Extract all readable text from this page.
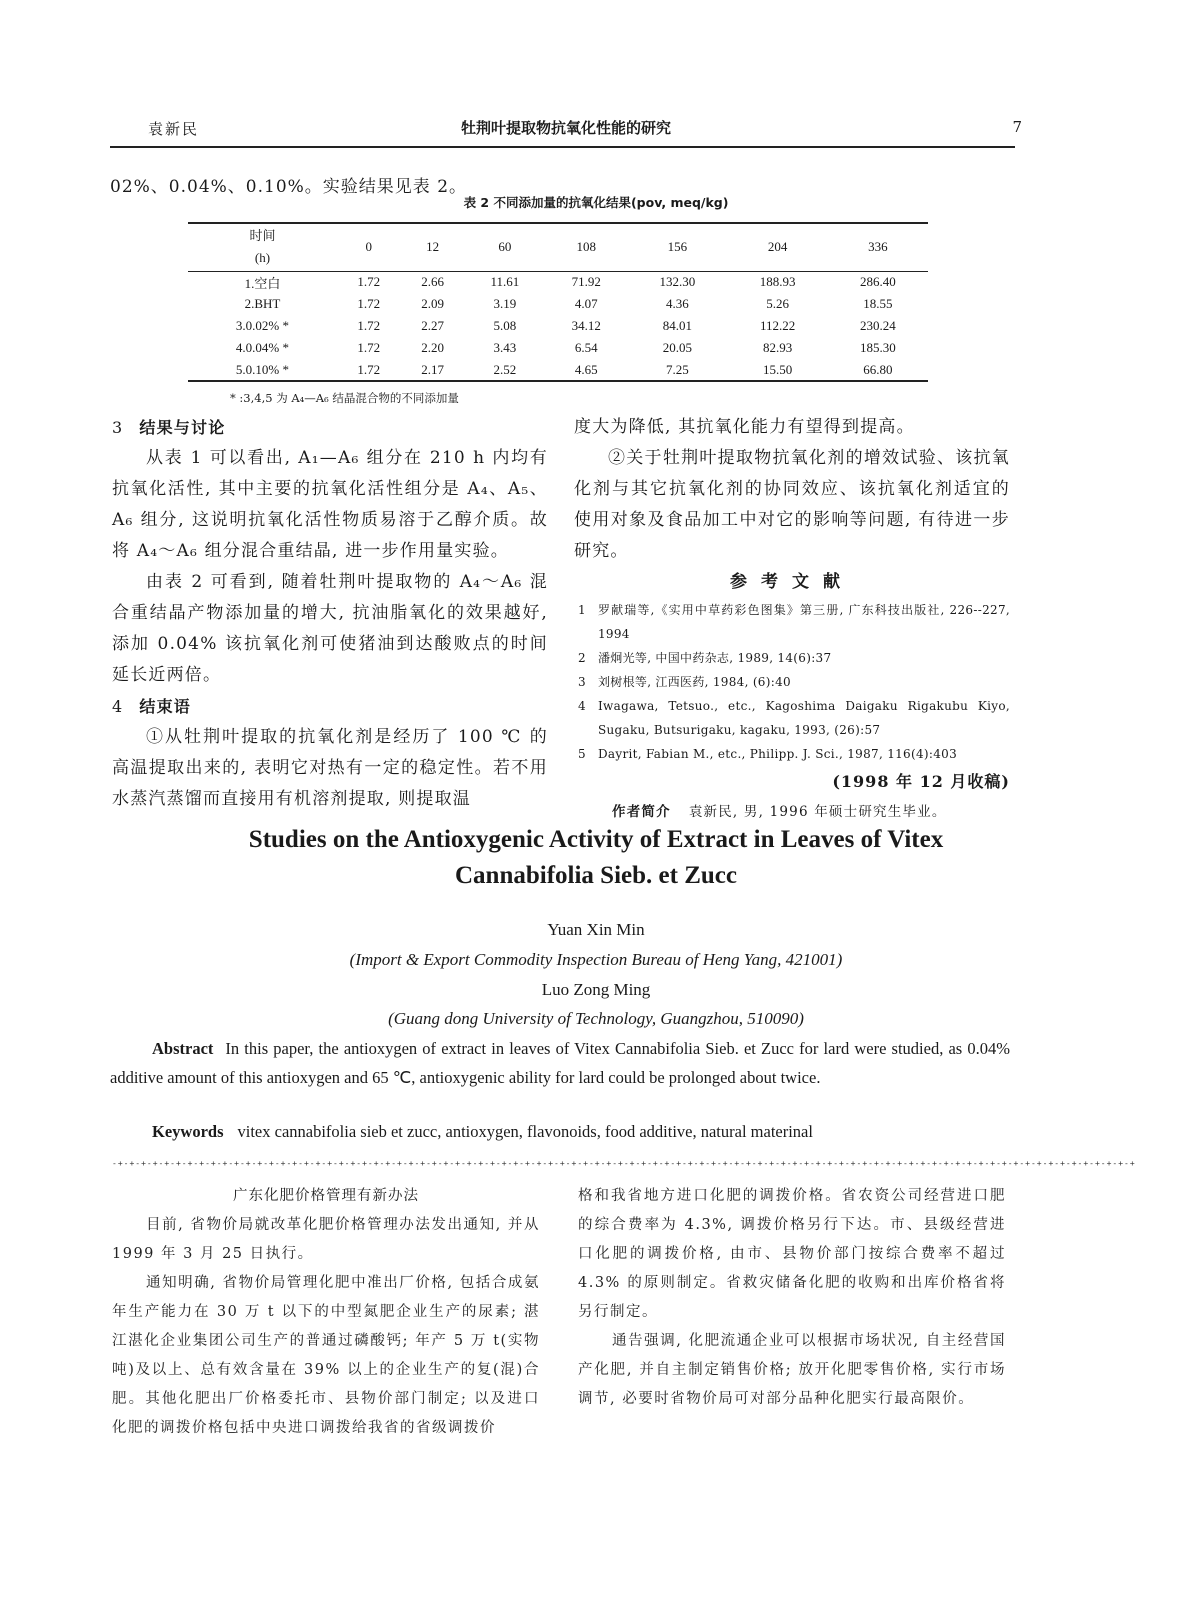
袁新民	牡荆叶提取物抗氧化性能的研究	7
02%、0.04%、0.10%。实验结果见表 2。
表 2 不同添加量的抗氧化结果(pov, meq/kg)
时间
(h)	0	12	60	108	156	204	336
1.空白	1.72	2.66	11.61	71.92	132.30	188.93	286.40
2.BHT	1.72	2.09	3.19	4.07	4.36	5.26	18.55
3.0.02% *	1.72	2.27	5.08	34.12	84.01	112.22	230.24
4.0.04% *	1.72	2.20	3.43	6.54	20.05	82.93	185.30
5.0.10% *	1.72	2.17	2.52	4.65	7.25	15.50	66.80
* :3,4,5 为 A₄—A₆ 结晶混合物的不同添加量
3 结果与讨论
从表 1 可以看出, A₁—A₆ 组分在 210 h 内均有抗氧化活性, 其中主要的抗氧化活性组分是 A₄、A₅、A₆ 组分, 这说明抗氧化活性物质易溶于乙醇介质。故将 A₄～A₆ 组分混合重结晶, 进一步作用量实验。
由表 2 可看到, 随着牡荆叶提取物的 A₄～A₆ 混合重结晶产物添加量的增大, 抗油脂氧化的效果越好, 添加 0.04% 该抗氧化剂可使猪油到达酸败点的时间延长近两倍。
4 结束语
①从牡荆叶提取的抗氧化剂是经历了 100 ℃ 的高温提取出来的, 表明它对热有一定的稳定性。若不用水蒸汽蒸馏而直接用有机溶剂提取, 则提取温
度大为降低, 其抗氧化能力有望得到提高。
②关于牡荆叶提取物抗氧化剂的增效试验、该抗氧化剂与其它抗氧化剂的协同效应、该抗氧化剂适宜的使用对象及食品加工中对它的影响等问题, 有待进一步研究。
参考文献
1	罗献瑞等,《实用中草药彩色图集》第三册, 广东科技出版社, 226--227, 1994
2	潘炯光等, 中国中药杂志, 1989, 14(6):37
3	刘树根等, 江西医药, 1984, (6):40
4	Iwagawa, Tetsuo., etc., Kagoshima Daigaku Rigakubu Kiyo, Sugaku, Butsurigaku, kagaku, 1993, (26):57
5	Dayrit, Fabian M., etc., Philipp. J. Sci., 1987, 116(4):403
(1998 年 12 月收稿)
作者简介 袁新民, 男, 1996 年硕士研究生毕业。
Studies on the Antioxygenic Activity of Extract in Leaves of Vitex
Cannabifolia Sieb. et Zucc
Yuan Xin Min
(Import & Export Commodity Inspection Bureau of Heng Yang, 421001)
Luo Zong Ming
(Guang dong University of Technology, Guangzhou, 510090)
Abstract In this paper, the antioxygen of extract in leaves of Vitex Cannabifolia Sieb. et Zucc for lard were studied, as 0.04% additive amount of this antioxygen and 65 ℃, antioxygenic ability for lard could be prolonged about twice.
Keywords vitex cannabifolia sieb et zucc, antioxygen, flavonoids, food additive, natural materinal
-+-+-+-+-+-+-+-+-+-+-+-+-+-+-+-+-+-+-+-+-+-+-+-+-+-+-+-+-+-+-+-+-+-+-+-+-+-+-+-+-+-+-+-+-+-+-+-+-+-+-+-+-+-+-+-+-+-+-+-+-+-+-+-+-+-+-+-+-+-+-+-+-+-+-+-+-+-+-+-+-+-+-+-+-+-+-+-+
广东化肥价格管理有新办法
目前, 省物价局就改革化肥价格管理办法发出通知, 并从 1999 年 3 月 25 日执行。
通知明确, 省物价局管理化肥中准出厂价格, 包括合成氨年生产能力在 30 万 t 以下的中型氮肥企业生产的尿素; 湛江湛化企业集团公司生产的普通过磷酸钙; 年产 5 万 t(实物吨)及以上、总有效含量在 39% 以上的企业生产的复(混)合肥。其他化肥出厂价格委托市、县物价部门制定; 以及进口化肥的调拨价格包括中央进口调拨给我省的省级调拨价
格和我省地方进口化肥的调拨价格。省农资公司经营进口肥的综合费率为 4.3%, 调拨价格另行下达。市、县级经营进口化肥的调拨价格, 由市、县物价部门按综合费率不超过 4.3% 的原则制定。省救灾储备化肥的收购和出库价格省将另行制定。
通告强调, 化肥流通企业可以根据市场状况, 自主经营国产化肥, 并自主制定销售价格; 放开化肥零售价格, 实行市场调节, 必要时省物价局可对部分品种化肥实行最高限价。
